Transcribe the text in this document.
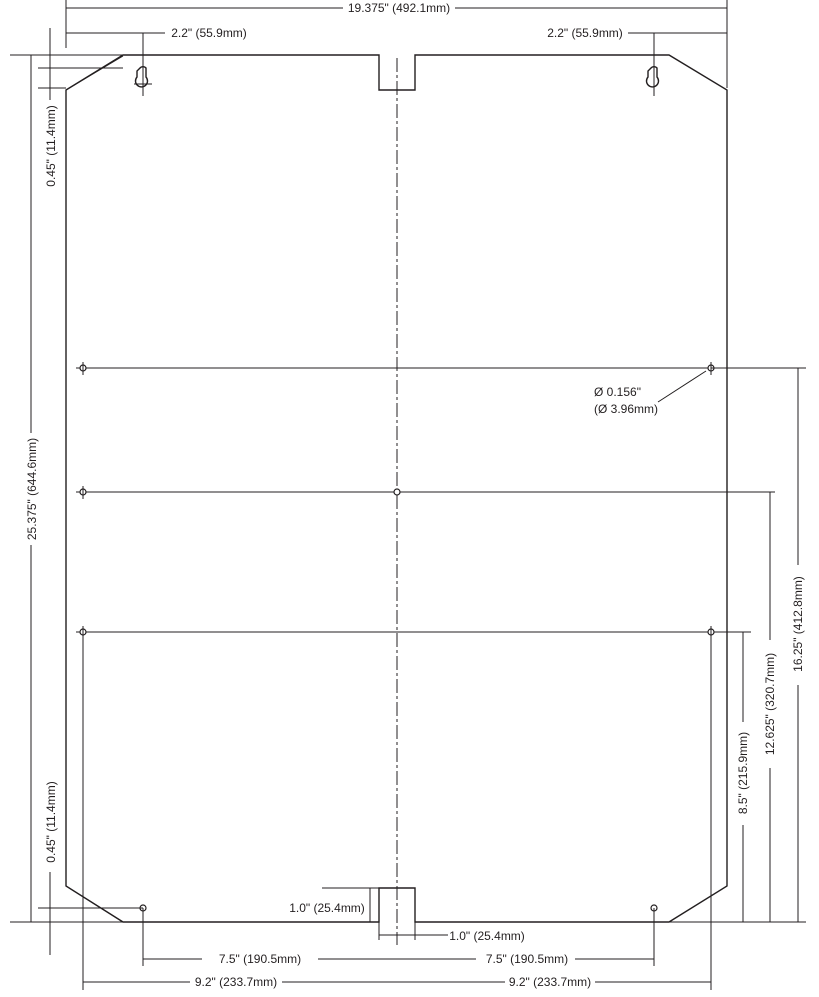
19.375" (492.1mm)
2.2" (55.9mm)	2.2" (55.9mm)
25.375" (644.6mm)
0.45" (11.4mm)
0.45" (11.4mm)
Ø 0.156"
(Ø 3.96mm)
16.25" (412.8mm)
12.625" (320.7mm)
8.5" (215.9mm)
1.0" (25.4mm)
1.0" (25.4mm)
7.5" (190.5mm)	7.5" (190.5mm)
9.2" (233.7mm)	9.2" (233.7mm)
